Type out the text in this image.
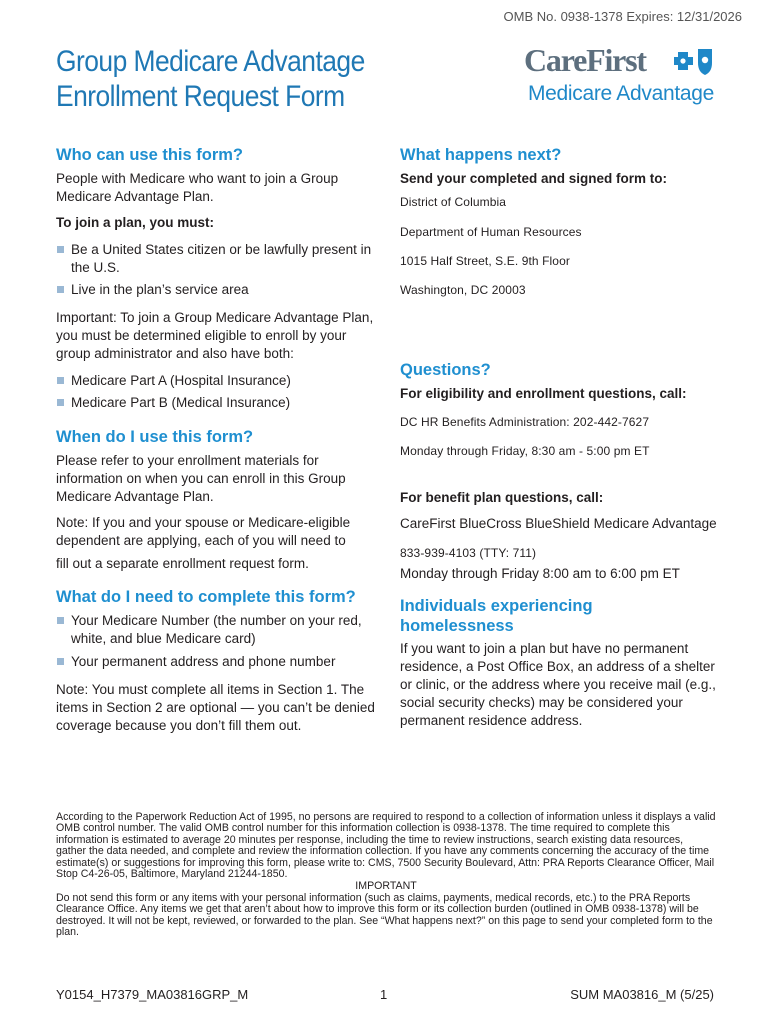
OMB No. 0938-1378 Expires: 12/31/2026
Group Medicare Advantage
Enrollment Request Form
CareFirst
Medicare Advantage
Who can use this form?

People with Medicare who want to join a Group Medicare Advantage Plan.

To join a plan, you must:

Be a United States citizen or be lawfully present in the U.S.
Live in the plan’s service area

Important: To join a Group Medicare Advantage Plan, you must be determined eligible to enroll by your group administrator and also have both:

Medicare Part A (Hospital Insurance)
Medicare Part B (Medical Insurance)
When do I use this form?

Please refer to your enrollment materials for information on when you can enroll in this Group Medicare Advantage Plan.

Note: If you and your spouse or Medicare-eligible dependent are applying, each of you will need to

fill out a separate enrollment request form.

What do I need to complete this form?
Your Medicare Number (the number on your red, white, and blue Medicare card)
Your permanent address and phone number

Note: You must complete all items in Section 1. The items in Section 2 are optional — you can’t be denied coverage because you don’t fill them out.

What happens next?

Send your completed and signed form to:

District of Columbia

Department of Human Resources

1015 Half Street, S.E. 9th Floor

Washington, DC 20003

Questions?

For eligibility and enrollment questions, call:

DC HR Benefits Administration: 202-442-7627

Monday through Friday, 8:30 am - 5:00 pm ET

For benefit plan questions, call:

CareFirst BlueCross BlueShield Medicare Advantage

833-939-4103 (TTY: 711)

Monday through Friday 8:00 am to 6:00 pm ET

Individuals experiencing
homelessness

If you want to join a plan but have no permanent residence, a Post Office Box, an address of a shelter or clinic, or the address where you receive mail (e.g., social security checks) may be considered your permanent residence address.

According to the Paperwork Reduction Act of 1995, no persons are required to respond to a collection of information unless it displays a valid OMB control number. The valid OMB control number for this information collection is 0938-1378. The time required to complete this information is estimated to average 20 minutes per response, including the time to review instructions, search existing data resources, gather the data needed, and complete and review the information collection. If you have any comments concerning the accuracy of the time estimate(s) or suggestions for improving this form, please write to: CMS, 7500 Security Boulevard, Attn: PRA Reports Clearance Officer, Mail Stop C4-26-05, Baltimore, Maryland 21244-1850.

IMPORTANT

Do not send this form or any items with your personal information (such as claims, payments, medical records, etc.) to the PRA Reports Clearance Office. Any items we get that aren’t about how to improve this form or its collection burden (outlined in OMB 0938-1378) will be destroyed. It will not be kept, reviewed, or forwarded to the plan. See “What happens next?” on this page to send your completed form to the plan.

Y0154_H7379_MA03816GRP_M	1	SUM MA03816_M (5/25)
